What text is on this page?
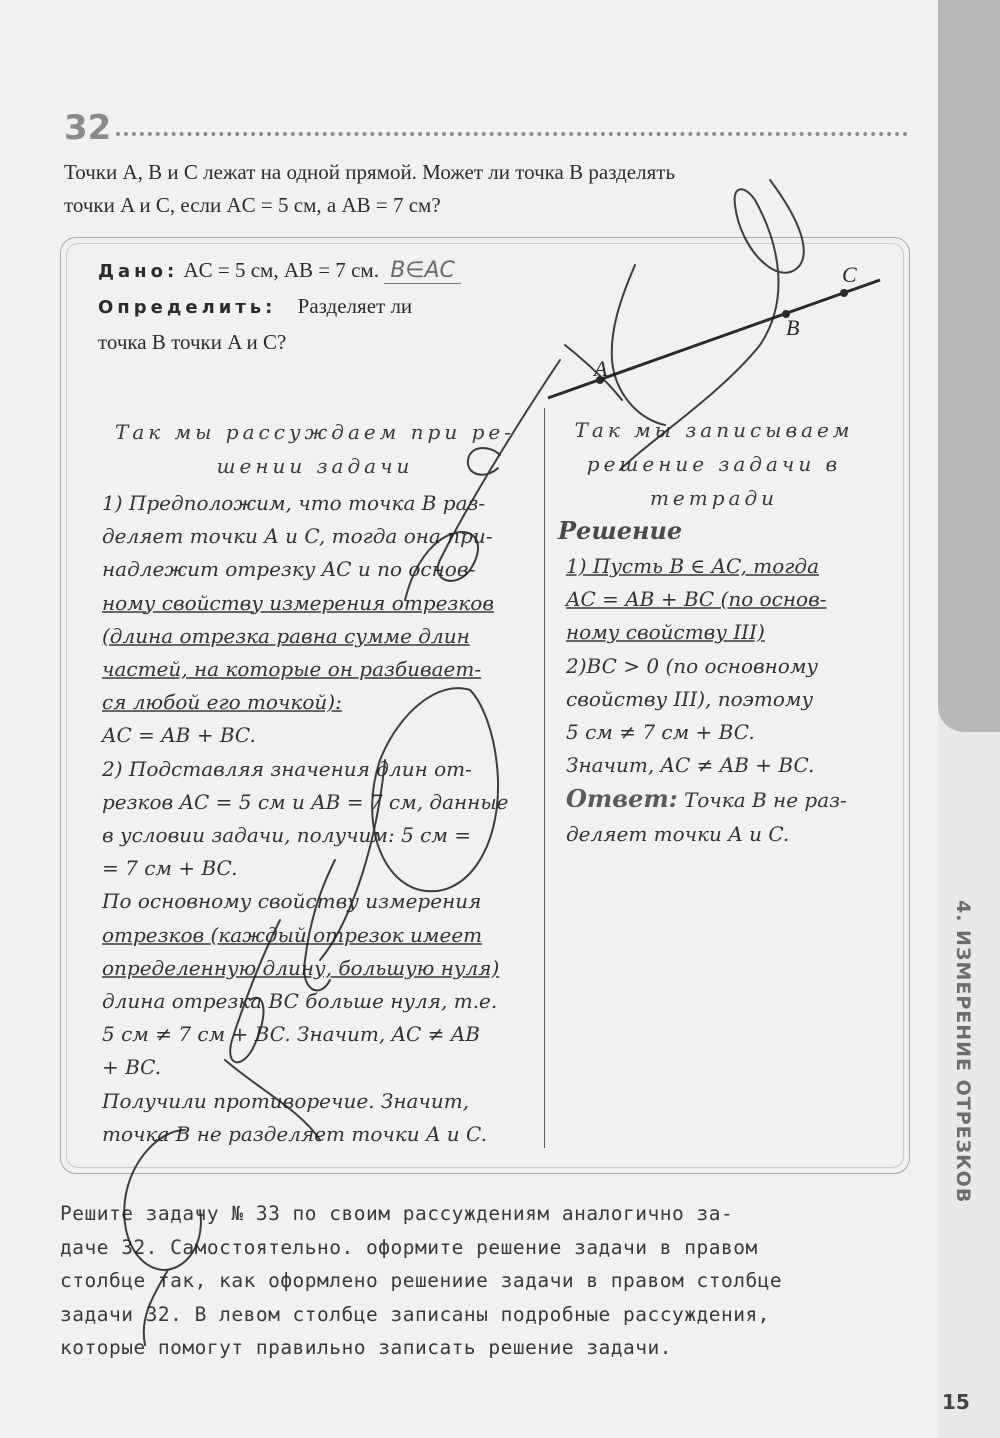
4. ИЗМЕРЕНИЕ ОТРЕЗКОВ
32
Точки A, B и C лежат на одной прямой. Может ли точка B разделять
точки A и C, если AC = 5 см, а AB = 7 см?
Дано: AC = 5 см, AB = 7 см. B∈AC
Определить: Разделяет ли
точка В точки A и C?
A
B
C
Так мы рассуждаем при ре-
шении задачи
Так мы записываем
решение задачи в
тетради
1) Предположим, что точка B раз-
деляет точки A и C, тогда она при-
надлежит отрезку AC и по основ-
ному свойству измерения отрезков
(длина отрезка равна сумме длин
частей, на которые он разбивает-
ся любой его точкой):
AC = AB + BC.
2) Подставляя значения длин от-
резков AC = 5 см и AB = 7 см, данные
в условии задачи, получим: 5 см =
= 7 см + BC.
По основному свойству измерения
отрезков (каждый отрезок имеет
определенную длину, большую нуля)
длина отрезка BC больше нуля, т.е.
5 см ≠ 7 см + BC. Значит, AC ≠ AB
+ BC.
Получили противоречие. Значит,
точка B не разделяет точки A и C.
Решение
1) Пусть B ∈ AC, тогда
AC = AB + BC (по основ-
ному свойству III)
2)BC > 0 (по основному
свойству III), поэтому
5 см ≠ 7 см + BC.
Значит, AC ≠ AB + BC.
Ответ: Точка B не раз-
деляет точки A и C.
Решите задачу № 33 по своим рассуждениям аналогично за-
даче 32. Самостоятельно. оформите решение задачи в правом
столбце так, как оформлено решениие задачи в правом столбце
задачи 32. В левом столбце записаны подробные рассуждения,
которые помогут правильно записать решение задачи.
15
